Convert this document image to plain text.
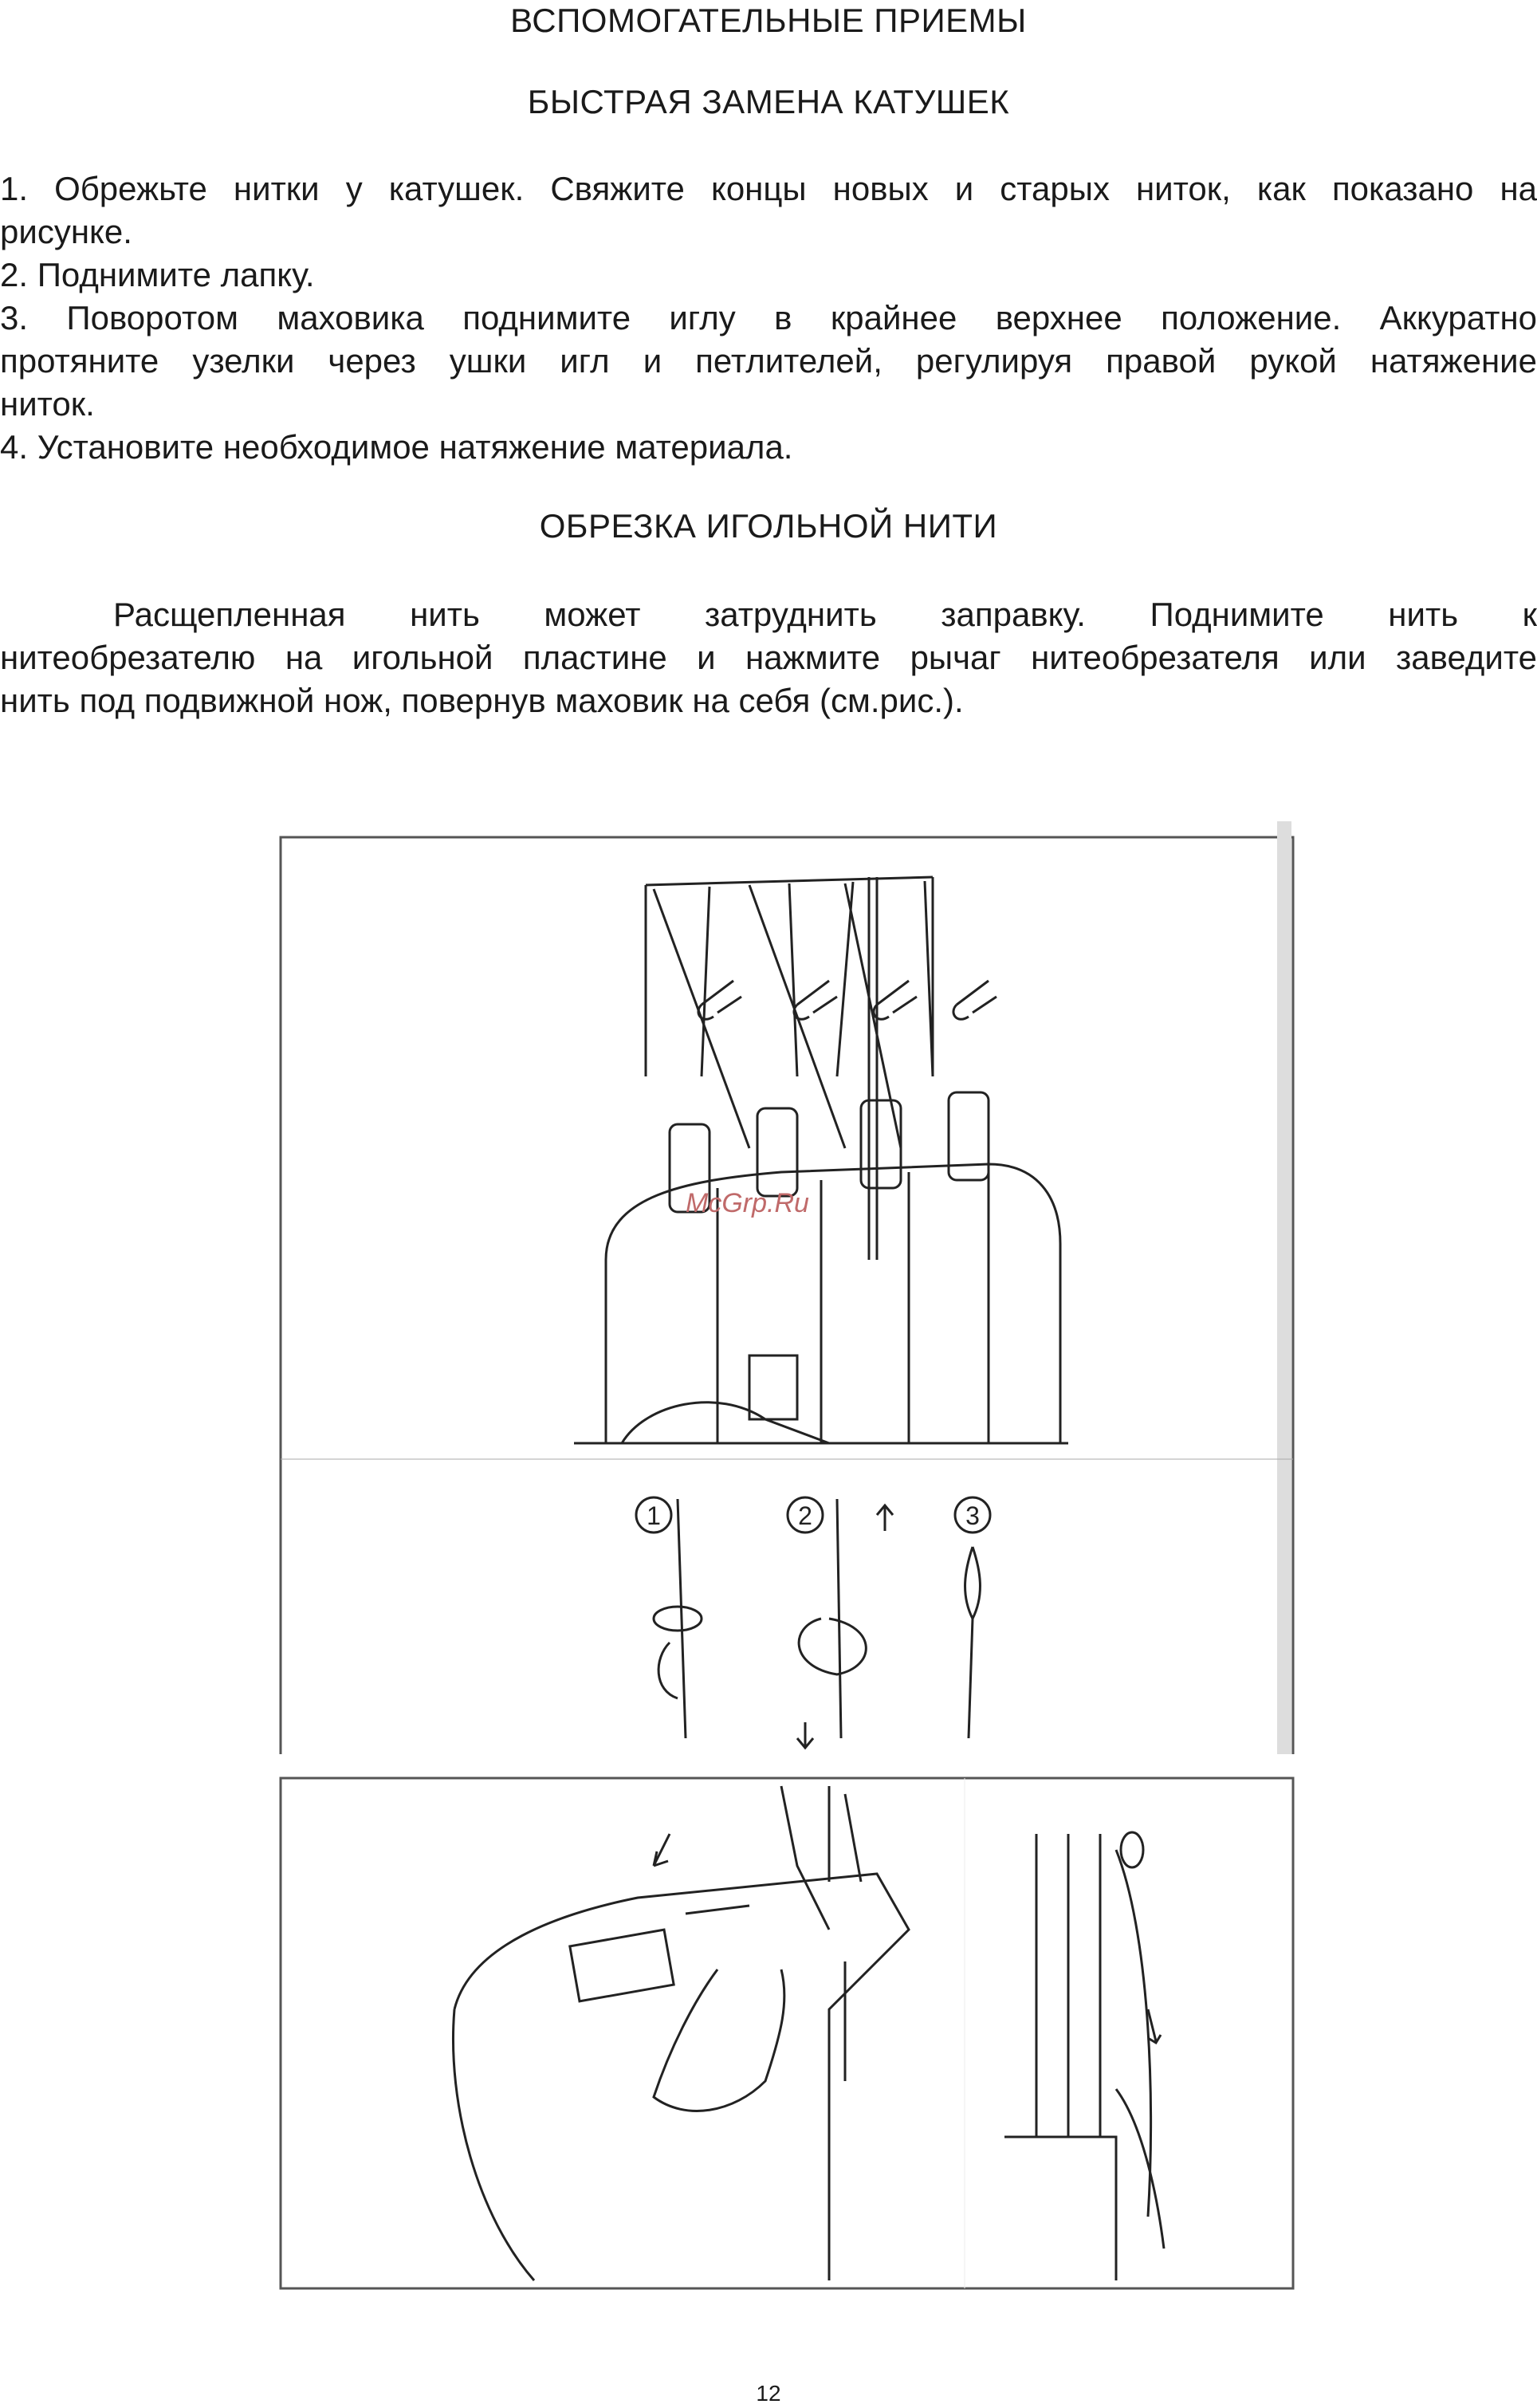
ВСПОМОГАТЕЛЬНЫЕ ПРИЕМЫ
БЫСТРАЯ ЗАМЕНА КАТУШЕК
1. Обрежьте нитки у катушек. Свяжите концы новых и старых ниток, как показано на
рисунке.
2. Поднимите лапку.
3. Поворотом маховика поднимите иглу в крайнее верхнее положение. Аккуратно
протяните узелки через ушки игл и петлителей, регулируя правой рукой натяжение
ниток.
4. Установите необходимое натяжение материала.
ОБРЕЗКА ИГОЛЬНОЙ НИТИ
Расщепленная нить может затруднить заправку. Поднимите нить к
нитеобрезателю на игольной пластине и нажмите рычаг нитеобрезателя или заведите
нить под подвижной нож, повернув маховик на себя (см.рис.).
McGrp.Ru
1	2	3
12
